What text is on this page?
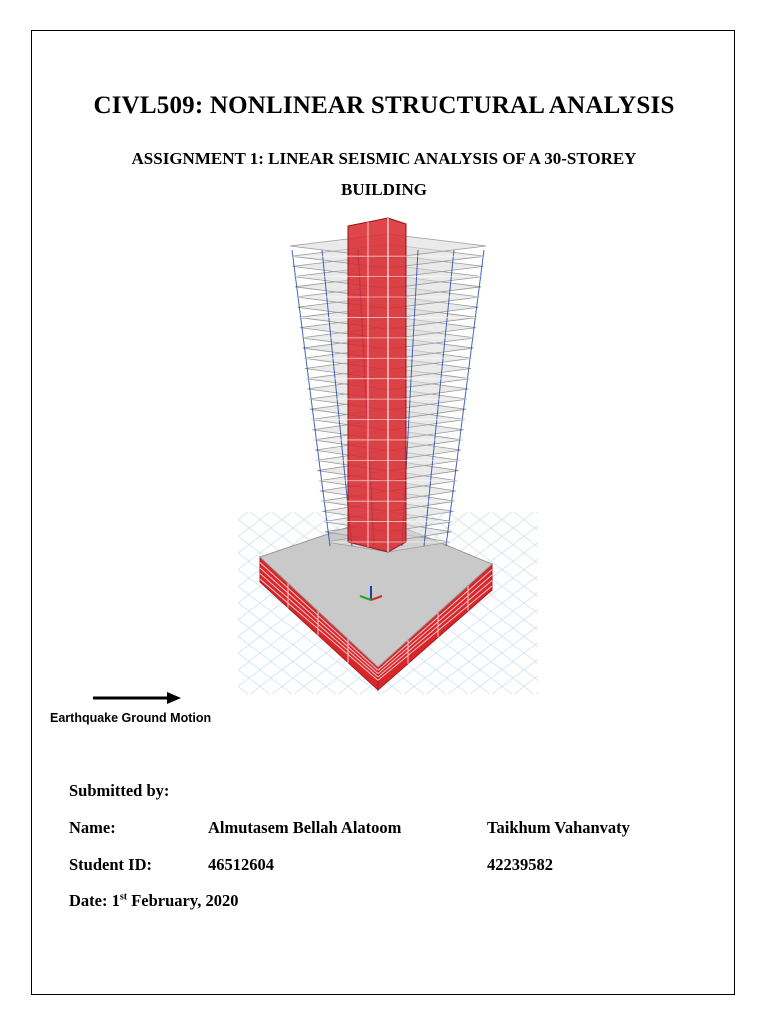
CIVL509: NONLINEAR STRUCTURAL ANALYSIS
ASSIGNMENT 1: LINEAR SEISMIC ANALYSIS OF A 30-STOREY
BUILDING
Earthquake Ground Motion
Submitted by:
Name:	Almutasem Bellah Alatoom	Taikhum Vahanvaty
Student ID:	46512604	42239582
Date: 1st February, 2020
